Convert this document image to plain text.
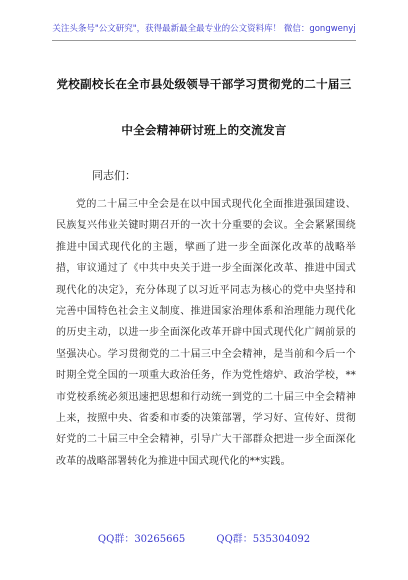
关注头条号"公文研究"，获得最新最全最专业的公文资料库！ 微信：gongwenyj
党校副校长在全市县处级领导干部学习贯彻党的二十届三
中全会精神研讨班上的交流发言
同志们：
党的二十届三中全会是在以中国式现代化全面推进强国建设、民族复兴伟业关键时期召开的一次十分重要的会议。全会紧紧围绕推进中国式现代化的主题，擘画了进一步全面深化改革的战略举措，审议通过了《中共中央关于进一步全面深化改革、推进中国式现代化的决定》，充分体现了以习近平同志为核心的党中央坚持和完善中国特色社会主义制度、推进国家治理体系和治理能力现代化的历史主动，以进一步全面深化改革开辟中国式现代化广阔前景的坚强决心。学习贯彻党的二十届三中全会精神，是当前和今后一个时期全党全国的一项重大政治任务，作为党性熔炉、政治学校，**市党校系统必须迅速把思想和行动统一到党的二十届三中全会精神上来，按照中央、省委和市委的决策部署，学习好、宣传好、贯彻好党的二十届三中全会精神，引导广大干部群众把进一步全面深化改革的战略部署转化为推进中国式现代化的**实践。
QQ群：30265665	QQ群：535304092
